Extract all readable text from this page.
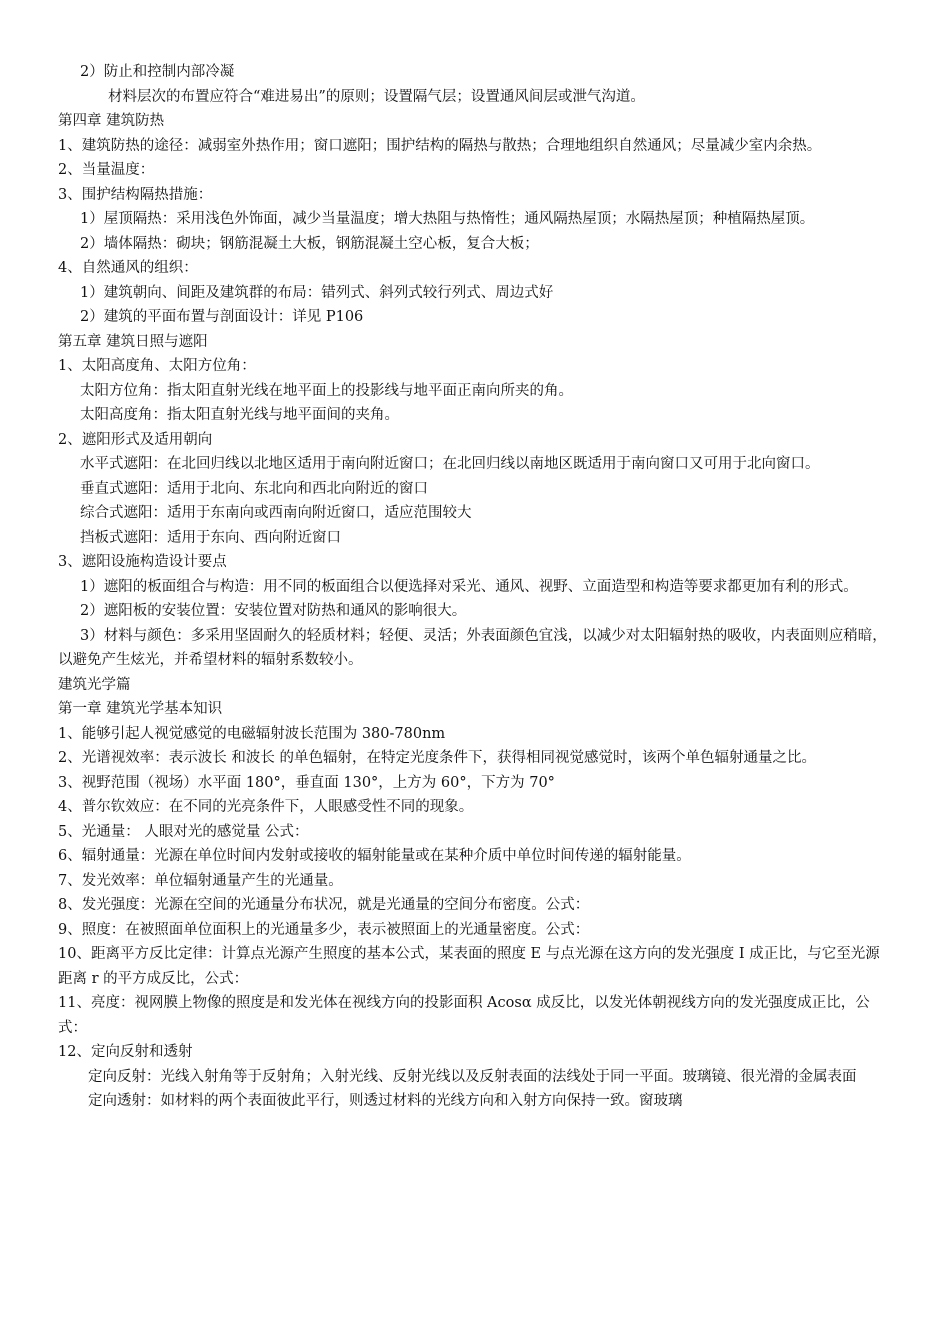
2）防止和控制内部冷凝

材料层次的布置应符合“难进易出”的原则；设置隔气层；设置通风间层或泄气沟道。

第四章 建筑防热

1、建筑防热的途径：减弱室外热作用；窗口遮阳；围护结构的隔热与散热；合理地组织自然通风；尽量减少室内余热。

2、当量温度：

3、围护结构隔热措施：

1）屋顶隔热：采用浅色外饰面，减少当量温度；增大热阻与热惰性；通风隔热屋顶；水隔热屋顶；种植隔热屋顶。

2）墙体隔热：砌块；钢筋混凝土大板，钢筋混凝土空心板，复合大板；

4、自然通风的组织：

1）建筑朝向、间距及建筑群的布局：错列式、斜列式较行列式、周边式好

2）建筑的平面布置与剖面设计：详见 P106

第五章 建筑日照与遮阳

1、太阳高度角、太阳方位角：

太阳方位角：指太阳直射光线在地平面上的投影线与地平面正南向所夹的角。

太阳高度角：指太阳直射光线与地平面间的夹角。

2、遮阳形式及适用朝向

水平式遮阳：在北回归线以北地区适用于南向附近窗口；在北回归线以南地区既适用于南向窗口又可用于北向窗口。

垂直式遮阳：适用于北向、东北向和西北向附近的窗口

综合式遮阳：适用于东南向或西南向附近窗口，适应范围较大

挡板式遮阳：适用于东向、西向附近窗口

3、遮阳设施构造设计要点

1）遮阳的板面组合与构造：用不同的板面组合以便选择对采光、通风、视野、立面造型和构造等要求都更加有利的形式。

2）遮阳板的安装位置：安装位置对防热和通风的影响很大。

3）材料与颜色：多采用坚固耐久的轻质材料；轻便、灵活；外表面颜色宜浅，以减少对太阳辐射热的吸收，内表面则应稍暗，以避免产生炫光，并希望材料的辐射系数较小。

建筑光学篇

第一章 建筑光学基本知识

1、能够引起人视觉感觉的电磁辐射波长范围为 380-780nm

2、光谱视效率：表示波长 和波长 的单色辐射，在特定光度条件下，获得相同视觉感觉时，该两个单色辐射通量之比。

3、视野范围（视场）水平面 180°，垂直面 130°，上方为 60°，下方为 70°

4、普尔钦效应：在不同的光亮条件下，人眼感受性不同的现象。

5、光通量： 人眼对光的感觉量 公式：

6、辐射通量：光源在单位时间内发射或接收的辐射能量或在某种介质中单位时间传递的辐射能量。

7、发光效率：单位辐射通量产生的光通量。

8、发光强度：光源在空间的光通量分布状况，就是光通量的空间分布密度。公式：

9、照度：在被照面单位面积上的光通量多少，表示被照面上的光通量密度。公式：

10、距离平方反比定律：计算点光源产生照度的基本公式，某表面的照度 E 与点光源在这方向的发光强度 I 成正比，与它至光源距离 r 的平方成反比，公式：

11、亮度：视网膜上物像的照度是和发光体在视线方向的投影面积 Acosα 成反比，以发光体朝视线方向的发光强度成正比，公式：

12、定向反射和透射

定向反射：光线入射角等于反射角；入射光线、反射光线以及反射表面的法线处于同一平面。玻璃镜、很光滑的金属表面

定向透射：如材料的两个表面彼此平行，则透过材料的光线方向和入射方向保持一致。窗玻璃
